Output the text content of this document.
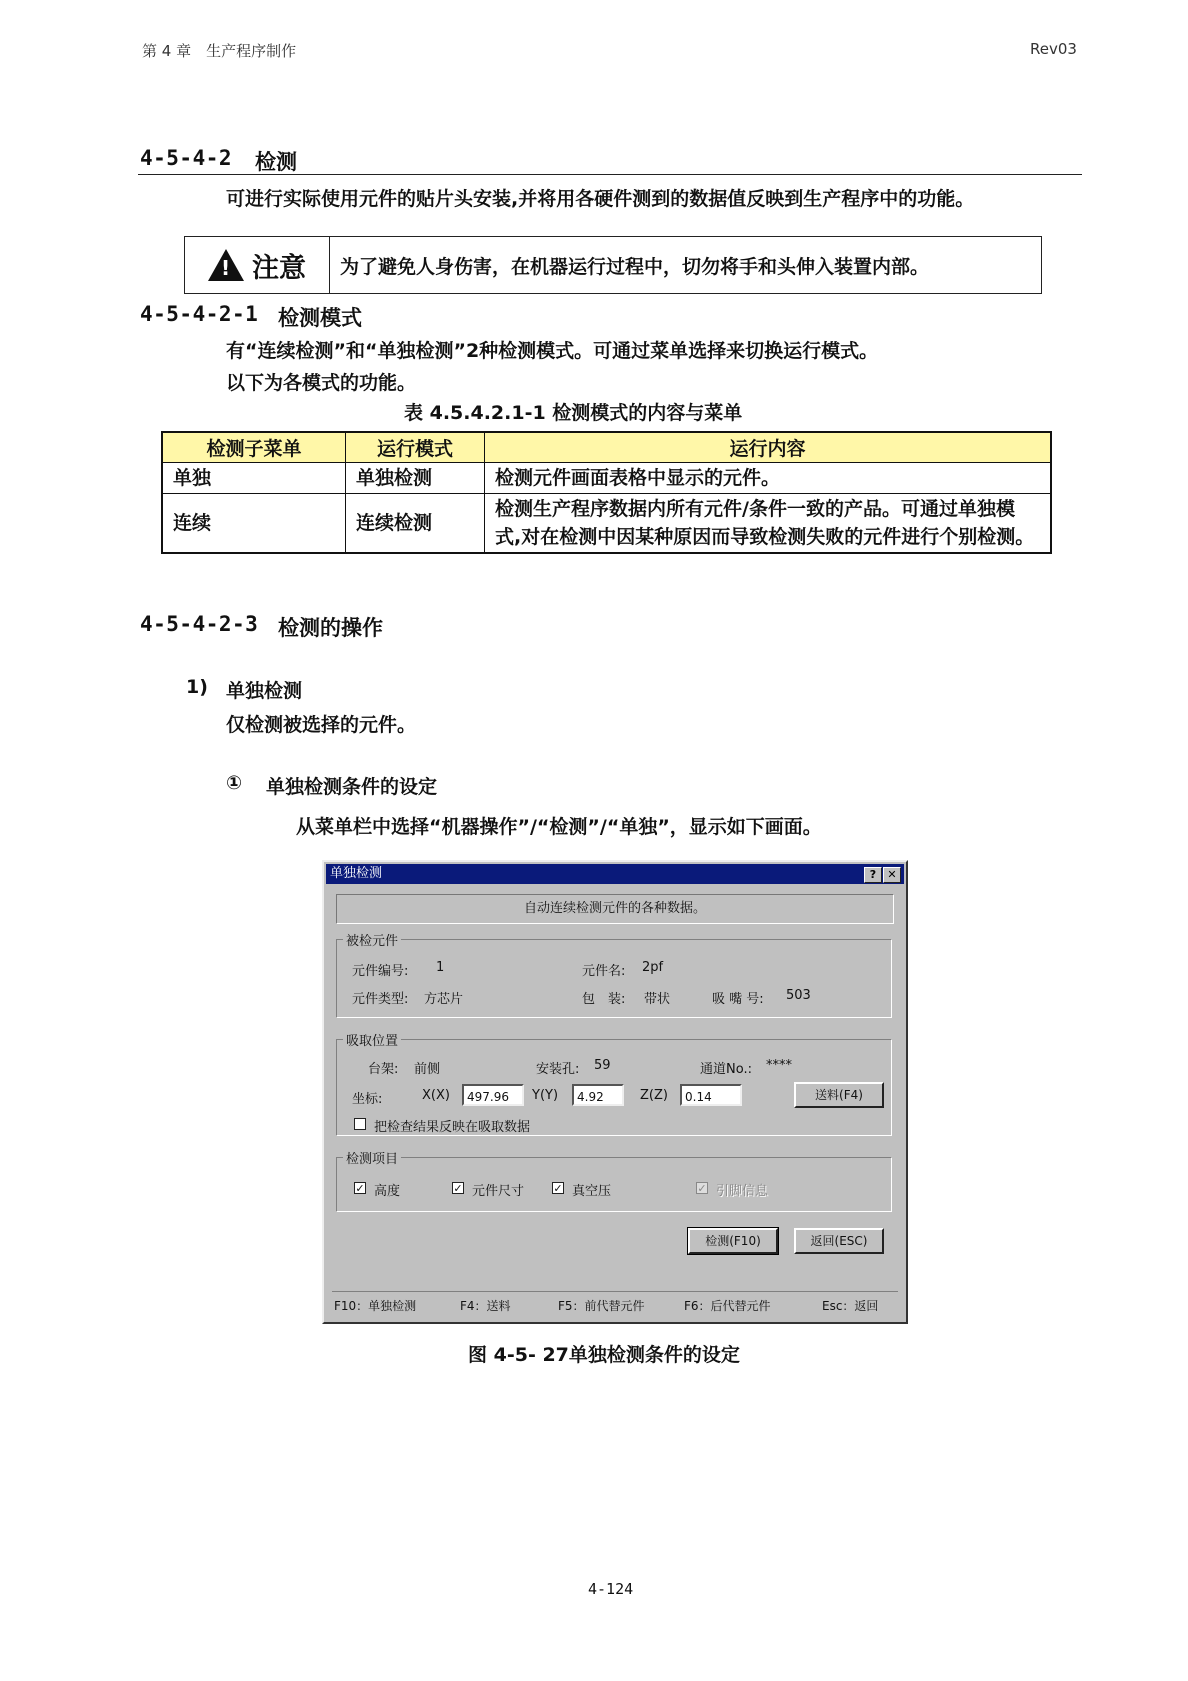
第 4 章　生产程序制作	Rev03
4-5-4-2 检测
可进行实际使用元件的贴片头安装,并将用各硬件测到的数据值反映到生产程序中的功能。
!
注意	为了避免人身伤害，在机器运行过程中，切勿将手和头伸入装置内部。
4-5-4-2-1 检测模式
有“连续检测”和“单独检测”2种检测模式。可通过菜单选择来切换运行模式。
以下为各模式的功能。
表 4.5.4.2.1-1 检测模式的内容与菜单
检测子菜单	运行模式	运行内容
单独	单独检测	检测元件画面表格中显示的元件。
连续	连续检测	检测生产程序数据内所有元件/条件一致的产品。可通过单独模式,对在检测中因某种原因而导致检测失败的元件进行个别检测。
4-5-4-2-3 检测的操作
1) 单独检测
仅检测被选择的元件。
① 单独检测条件的设定
从菜单栏中选择“机器操作”/“检测”/“单独”，显示如下画面。
单独检测	?	✕
自动连续检测元件的各种数据。
被检元件
元件编号: 1	元件名: 2pf
元件类型: 方芯片	包　装: 带状	吸 嘴 号: 503
吸取位置
台架: 前侧	安装孔: 59	通道No.: ****
坐标:	X(X)	497.96	Y(Y)	4.92	Z(Z)	0.14	送料(F4)
把检查结果反映在吸取数据
检测项目
✓ 高度	✓ 元件尺寸	✓ 真空压	✓ 引脚信息
检测(F10)	返回(ESC)
F10：单独检测	F4：送料	F5：前代替元件	F6：后代替元件	Esc：返回
图 4-5- 27单独检测条件的设定
4-124
